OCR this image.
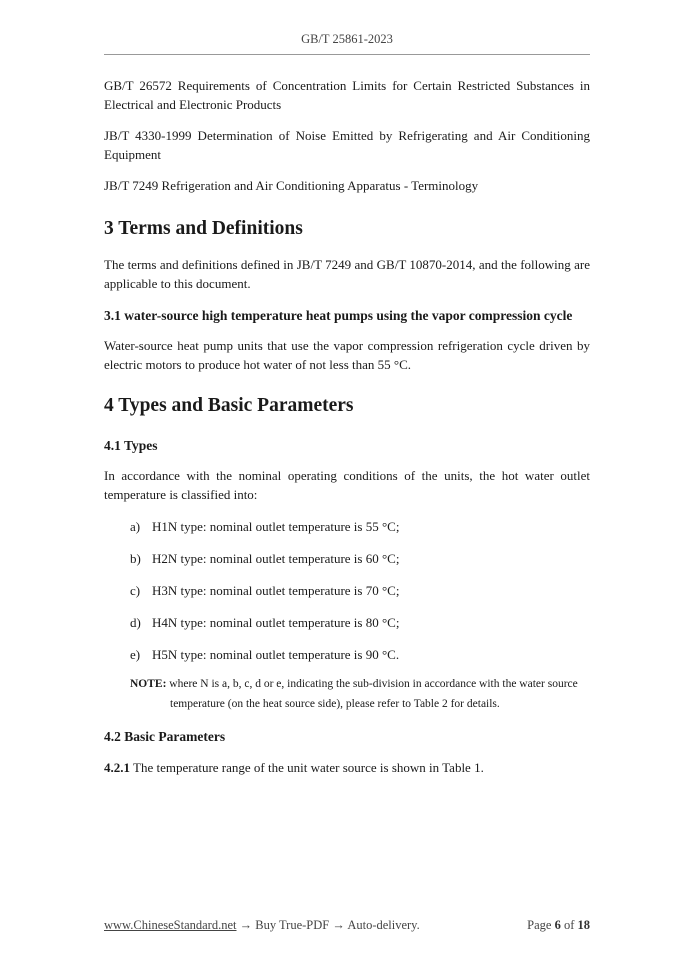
GB/T 25861-2023

GB/T 26572 Requirements of Concentration Limits for Certain Restricted Substances in Electrical and Electronic Products

JB/T 4330-1999 Determination of Noise Emitted by Refrigerating and Air Conditioning Equipment

JB/T 7249 Refrigeration and Air Conditioning Apparatus - Terminology

3 Terms and Definitions

The terms and definitions defined in JB/T 7249 and GB/T 10870-2014, and the following are applicable to this document.

3.1 water-source high temperature heat pumps using the vapor compression cycle

Water-source heat pump units that use the vapor compression refrigeration cycle driven by electric motors to produce hot water of not less than 55 °C.

4 Types and Basic Parameters
4.1 Types

In accordance with the nominal operating conditions of the units, the hot water outlet temperature is classified into:

a) H1N type: nominal outlet temperature is 55 °C;

b) H2N type: nominal outlet temperature is 60 °C;

c) H3N type: nominal outlet temperature is 70 °C;

d) H4N type: nominal outlet temperature is 80 °C;

e) H5N type: nominal outlet temperature is 90 °C.

NOTE: where N is a, b, c, d or e, indicating the sub-division in accordance with the water source
temperature (on the heat source side), please refer to Table 2 for details.

4.2 Basic Parameters

4.2.1 The temperature range of the unit water source is shown in Table 1.

www.ChineseStandard.net → Buy True-PDF → Auto-delivery.	Page 6 of 18
